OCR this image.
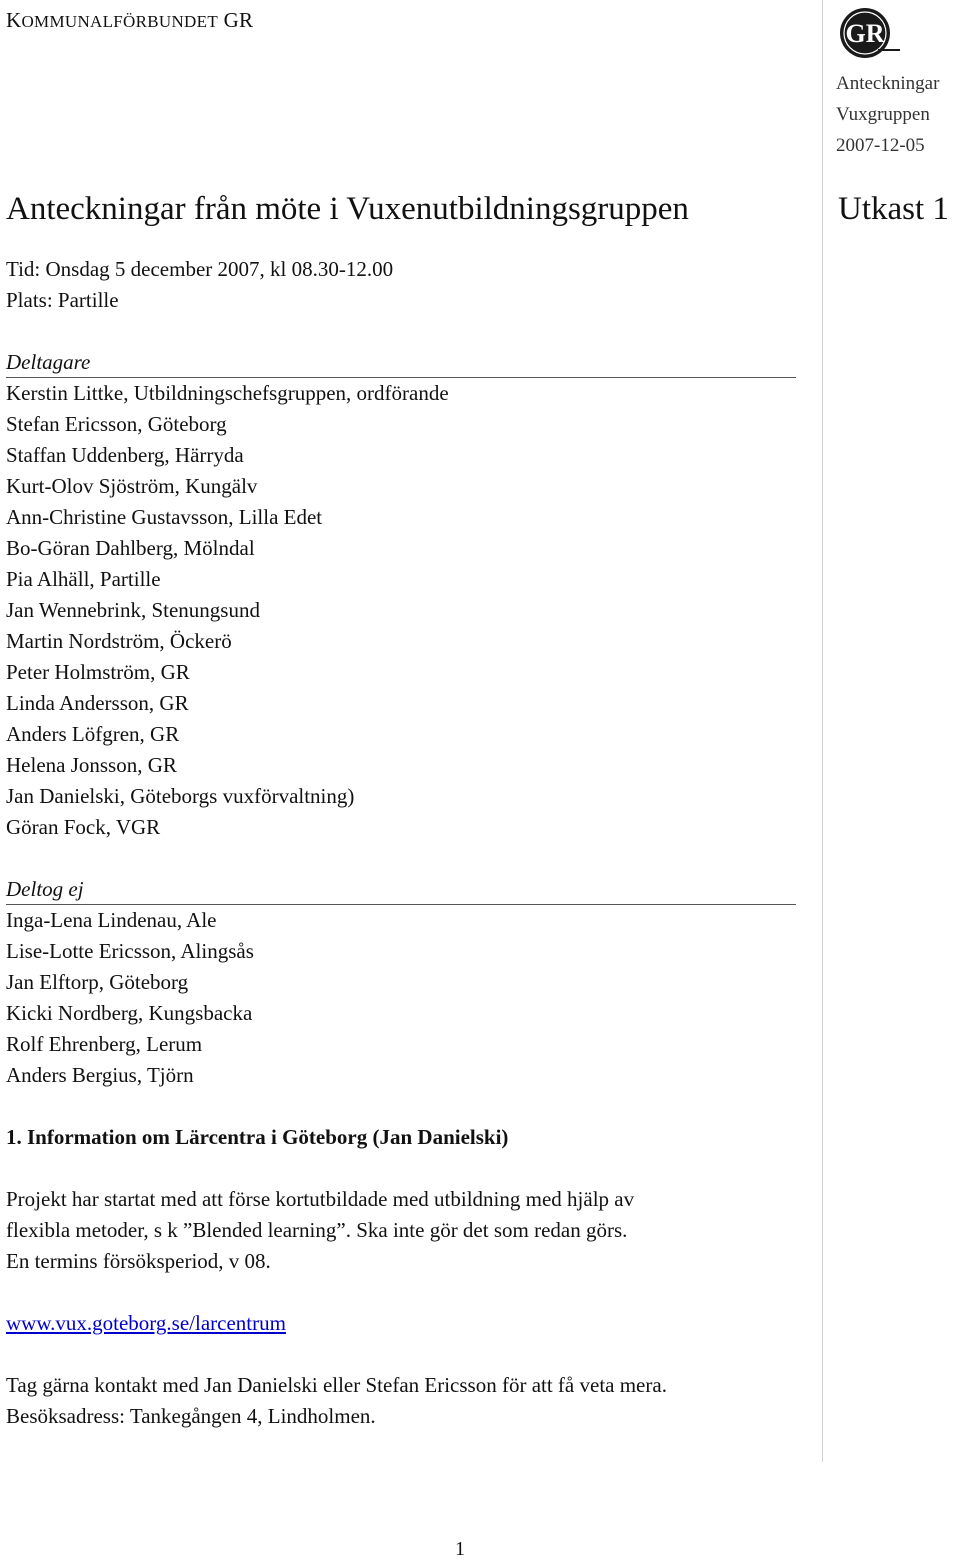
KOMMUNALFÖRBUNDET GR	GR
Anteckningar
Vuxgruppen
2007-12-05
Anteckningar från möte i Vuxenutbildningsgruppen	Utkast 1
Tid: Onsdag 5 december 2007, kl 08.30-12.00
Plats: Partille
Deltagare
Kerstin Littke, Utbildningschefsgruppen, ordförande
Stefan Ericsson, Göteborg
Staffan Uddenberg, Härryda
Kurt-Olov Sjöström, Kungälv
Ann-Christine Gustavsson, Lilla Edet
Bo-Göran Dahlberg, Mölndal
Pia Alhäll, Partille
Jan Wennebrink, Stenungsund
Martin Nordström, Öckerö
Peter Holmström, GR
Linda Andersson, GR
Anders Löfgren, GR
Helena Jonsson, GR
Jan Danielski, Göteborgs vuxförvaltning)
Göran Fock, VGR
Deltog ej
Inga-Lena Lindenau, Ale
Lise-Lotte Ericsson, Alingsås
Jan Elftorp, Göteborg
Kicki Nordberg, Kungsbacka
Rolf Ehrenberg, Lerum
Anders Bergius, Tjörn
1. Information om Lärcentra i Göteborg (Jan Danielski)
Projekt har startat med att förse kortutbildade med utbildning med hjälp av
flexibla metoder, s k ”Blended learning”. Ska inte gör det som redan görs.
En termins försöksperiod, v 08.
www.vux.goteborg.se/larcentrum
Tag gärna kontakt med Jan Danielski eller Stefan Ericsson för att få veta mera.
Besöksadress: Tankegången 4, Lindholmen.
1
